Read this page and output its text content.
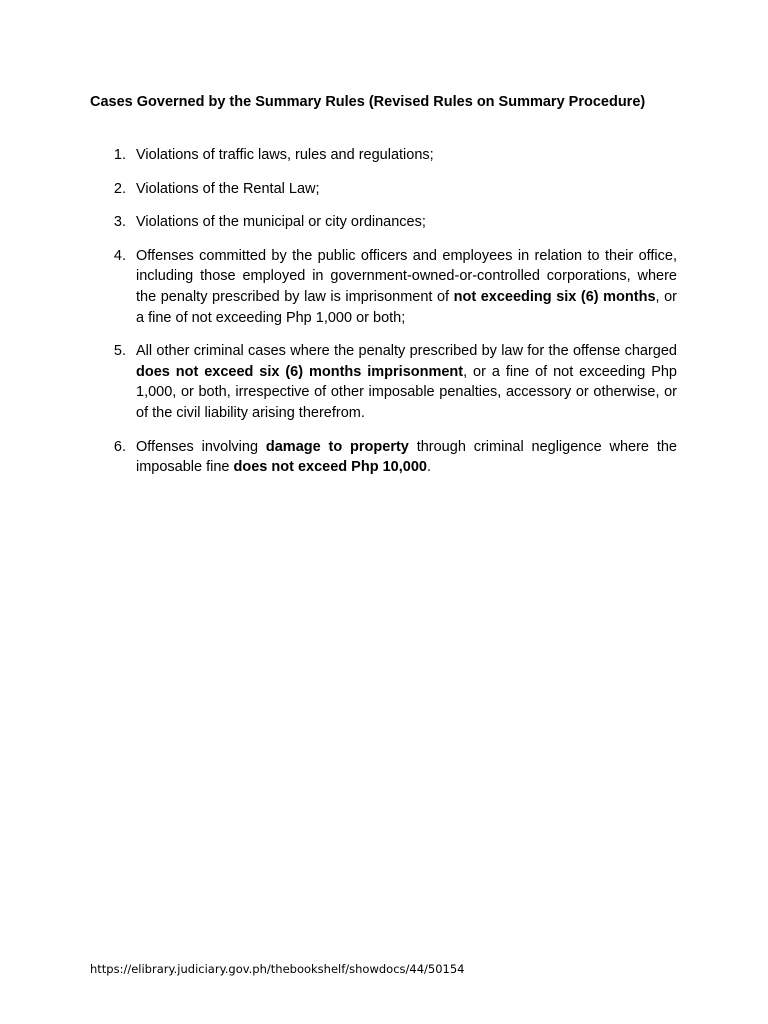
Cases Governed by the Summary Rules (Revised Rules on Summary Procedure)
1. Violations of traffic laws, rules and regulations;
2. Violations of the Rental Law;
3. Violations of the municipal or city ordinances;
4. Offenses committed by the public officers and employees in relation to their office, including those employed in government-owned-or-controlled corporations, where the penalty prescribed by law is imprisonment of not exceeding six (6) months, or a fine of not exceeding Php 1,000 or both;
5. All other criminal cases where the penalty prescribed by law for the offense charged does not exceed six (6) months imprisonment, or a fine of not exceeding Php 1,000, or both, irrespective of other imposable penalties, accessory or otherwise, or of the civil liability arising therefrom.
6. Offenses involving damage to property through criminal negligence where the imposable fine does not exceed Php 10,000.
https://elibrary.judiciary.gov.ph/thebookshelf/showdocs/44/50154
